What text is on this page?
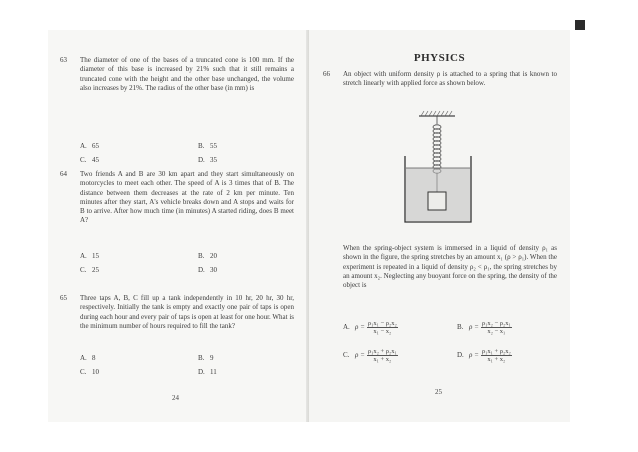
63	The diameter of one of the bases of a truncated cone is 100 mm. If the diameter of this base is increased by 21% such that it still remains a truncated cone with the height and the other base unchanged, the volume also increases by 21%. The radius of the other base (in mm) is
A. 65	B. 55
C. 45	D. 35
64	Two friends A and B are 30 km apart and they start simultaneously on motorcycles to meet each other. The speed of A is 3 times that of B. The distance between them decreases at the rate of 2 km per minute. Ten minutes after they start, A's vehicle breaks down and A stops and waits for B to arrive. After how much time (in minutes) A started riding, does B meet A?
A. 15	B. 20
C. 25	D. 30
65	Three taps A, B, C fill up a tank independently in 10 hr, 20 hr, 30 hr, respectively. Initially the tank is empty and exactly one pair of taps is open during each hour and every pair of taps is open at least for one hour. What is the minimum number of hours required to fill the tank?
A. 8	B. 9
C. 10	D. 11
24
PHYSICS
66	An object with uniform density ρ is attached to a spring that is known to stretch linearly with applied force as shown below.
When the spring-object system is immersed in a liquid of density ρ₁ as shown in the figure, the spring stretches by an amount x₁ (ρ > ρ₁). When the experiment is repeated in a liquid of density ρ₂ < ρ₁, the spring stretches by an amount x₂. Neglecting any buoyant force on the spring, the density of the object is
A. $\rho = \frac{\text{ρ₁x₁ − ρ₂x₂}}{\text{x₁ − x₂}}$	B. $\rho = \frac{\text{ρ₁x₂ − ρ₂x₁}}{\text{x₂ − x₁}}$
C. $\rho = \frac{\text{ρ₁x₂ + ρ₂x₁}}{\text{x₁ + x₂}}$	D. $\rho = \frac{\text{ρ₁x₁ + ρ₂x₂}}{\text{x₁ + x₂}}$
25
